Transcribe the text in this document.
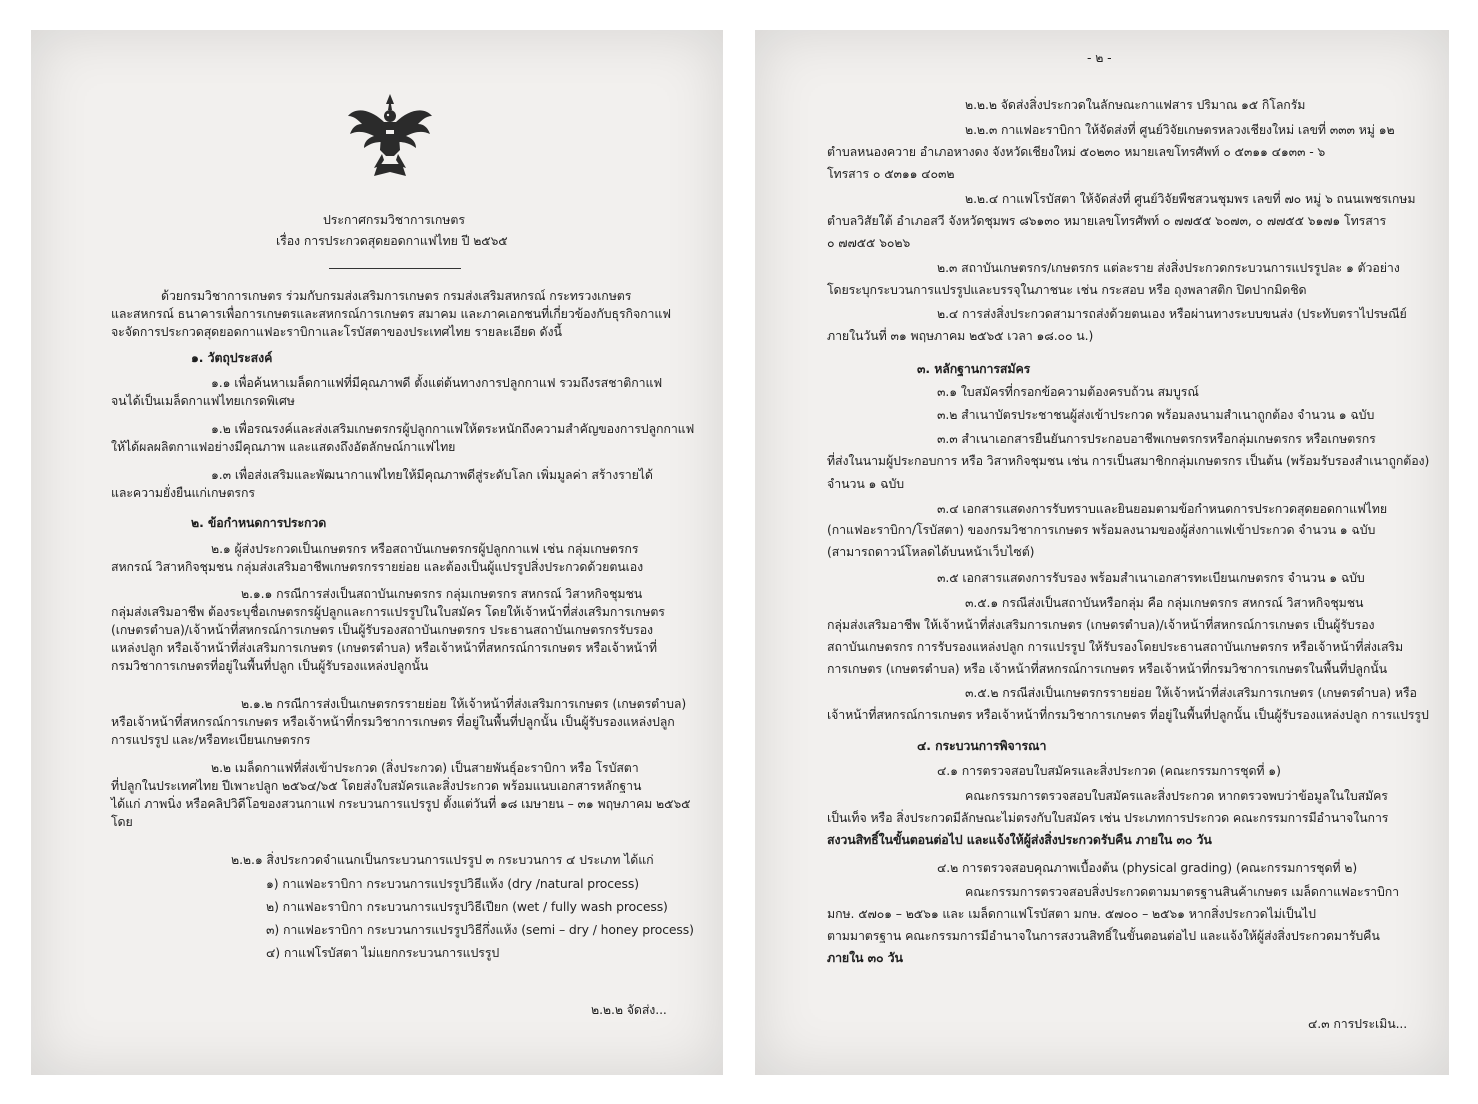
ประกาศกรมวิชาการเกษตร
เรื่อง การประกวดสุดยอดกาแฟไทย ปี ๒๕๖๕
ด้วยกรมวิชาการเกษตร ร่วมกับกรมส่งเสริมการเกษตร กรมส่งเสริมสหกรณ์ กระทรวงเกษตร
และสหกรณ์ ธนาคารเพื่อการเกษตรและสหกรณ์การเกษตร สมาคม และภาคเอกชนที่เกี่ยวข้องกับธุรกิจกาแฟ
จะจัดการประกวดสุดยอดกาแฟอะราบิกาและโรบัสตาของประเทศไทย รายละเอียด ดังนี้
๑. วัตถุประสงค์
๑.๑ เพื่อค้นหาเมล็ดกาแฟที่มีคุณภาพดี ตั้งแต่ต้นทางการปลูกกาแฟ รวมถึงรสชาติกาแฟ
จนได้เป็นเมล็ดกาแฟไทยเกรดพิเศษ
๑.๒ เพื่อรณรงค์และส่งเสริมเกษตรกรผู้ปลูกกาแฟให้ตระหนักถึงความสำคัญของการปลูกกาแฟ
ให้ได้ผลผลิตกาแฟอย่างมีคุณภาพ และแสดงถึงอัตลักษณ์กาแฟไทย
๑.๓ เพื่อส่งเสริมและพัฒนากาแฟไทยให้มีคุณภาพดีสู่ระดับโลก เพิ่มมูลค่า สร้างรายได้
และความยั่งยืนแก่เกษตรกร
๒. ข้อกำหนดการประกวด
๒.๑ ผู้ส่งประกวดเป็นเกษตรกร หรือสถาบันเกษตรกรผู้ปลูกกาแฟ เช่น กลุ่มเกษตรกร
สหกรณ์ วิสาหกิจชุมชน กลุ่มส่งเสริมอาชีพเกษตรกรรายย่อย และต้องเป็นผู้แปรรูปสิ่งประกวดด้วยตนเอง
๒.๑.๑ กรณีการส่งเป็นสถาบันเกษตรกร กลุ่มเกษตรกร สหกรณ์ วิสาหกิจชุมชน
กลุ่มส่งเสริมอาชีพ ต้องระบุชื่อเกษตรกรผู้ปลูกและการแปรรูปในใบสมัคร โดยให้เจ้าหน้าที่ส่งเสริมการเกษตร
(เกษตรตำบล)/เจ้าหน้าที่สหกรณ์การเกษตร เป็นผู้รับรองสถาบันเกษตรกร ประธานสถาบันเกษตรกรรับรอง
แหล่งปลูก หรือเจ้าหน้าที่ส่งเสริมการเกษตร (เกษตรตำบล) หรือเจ้าหน้าที่สหกรณ์การเกษตร หรือเจ้าหน้าที่
กรมวิชาการเกษตรที่อยู่ในพื้นที่ปลูก เป็นผู้รับรองแหล่งปลูกนั้น
๒.๑.๒ กรณีการส่งเป็นเกษตรกรรายย่อย ให้เจ้าหน้าที่ส่งเสริมการเกษตร (เกษตรตำบล)
หรือเจ้าหน้าที่สหกรณ์การเกษตร หรือเจ้าหน้าที่กรมวิชาการเกษตร ที่อยู่ในพื้นที่ปลูกนั้น เป็นผู้รับรองแหล่งปลูก
การแปรรูป และ/หรือทะเบียนเกษตรกร
๒.๒ เมล็ดกาแฟที่ส่งเข้าประกวด (สิ่งประกวด) เป็นสายพันธุ์อะราบิกา หรือ โรบัสตา
ที่ปลูกในประเทศไทย ปีเพาะปลูก ๒๕๖๔/๖๕ โดยส่งใบสมัครและสิ่งประกวด พร้อมแนบเอกสารหลักฐาน
ได้แก่ ภาพนิ่ง หรือคลิปวิดีโอของสวนกาแฟ กระบวนการแปรรูป ตั้งแต่วันที่ ๑๘ เมษายน – ๓๑ พฤษภาคม ๒๕๖๕
โดย
๒.๒.๑ สิ่งประกวดจำแนกเป็นกระบวนการแปรรูป ๓ กระบวนการ ๔ ประเภท ได้แก่
๑) กาแฟอะราบิกา กระบวนการแปรรูปวิธีแห้ง (dry /natural process)
๒) กาแฟอะราบิกา กระบวนการแปรรูปวิธีเปียก (wet / fully wash process)
๓) กาแฟอะราบิกา กระบวนการแปรรูปวิธีกึ่งแห้ง (semi – dry / honey process)
๔) กาแฟโรบัสตา ไม่แยกกระบวนการแปรรูป
๒.๒.๒ จัดส่ง...
- ๒ -
๒.๒.๒ จัดส่งสิ่งประกวดในลักษณะกาแฟสาร ปริมาณ ๑๕ กิโลกรัม
๒.๒.๓ กาแฟอะราบิกา ให้จัดส่งที่ ศูนย์วิจัยเกษตรหลวงเชียงใหม่ เลขที่ ๓๓๓ หมู่ ๑๒
ตำบลหนองควาย อำเภอหางดง จังหวัดเชียงใหม่ ๕๐๒๓๐ หมายเลขโทรศัพท์ ๐ ๕๓๑๑ ๔๑๓๓ - ๖
โทรสาร ๐ ๕๓๑๑ ๔๐๓๒
๒.๒.๔ กาแฟโรบัสตา ให้จัดส่งที่ ศูนย์วิจัยพืชสวนชุมพร เลขที่ ๗๐ หมู่ ๖ ถนนเพชรเกษม
ตำบลวิสัยใต้ อำเภอสวี จังหวัดชุมพร ๘๖๑๓๐ หมายเลขโทรศัพท์ ๐ ๗๗๕๕ ๖๐๗๓, ๐ ๗๗๕๕ ๖๑๗๑ โทรสาร
๐ ๗๗๕๕ ๖๐๒๖
๒.๓ สถาบันเกษตรกร/เกษตรกร แต่ละราย ส่งสิ่งประกวดกระบวนการแปรรูปละ ๑ ตัวอย่าง
โดยระบุกระบวนการแปรรูปและบรรจุในภาชนะ เช่น กระสอบ หรือ ถุงพลาสติก ปิดปากมิดชิด
๒.๔ การส่งสิ่งประกวดสามารถส่งด้วยตนเอง หรือผ่านทางระบบขนส่ง (ประทับตราไปรษณีย์
ภายในวันที่ ๓๑ พฤษภาคม ๒๕๖๕ เวลา ๑๘.๐๐ น.)
๓. หลักฐานการสมัคร
๓.๑ ใบสมัครที่กรอกข้อความต้องครบถ้วน สมบูรณ์
๓.๒ สำเนาบัตรประชาชนผู้ส่งเข้าประกวด พร้อมลงนามสำเนาถูกต้อง จำนวน ๑ ฉบับ
๓.๓ สำเนาเอกสารยืนยันการประกอบอาชีพเกษตรกรหรือกลุ่มเกษตรกร หรือเกษตรกร
ที่ส่งในนามผู้ประกอบการ หรือ วิสาหกิจชุมชน เช่น การเป็นสมาชิกกลุ่มเกษตรกร เป็นต้น (พร้อมรับรองสำเนาถูกต้อง)
จำนวน ๑ ฉบับ
๓.๔ เอกสารแสดงการรับทราบและยินยอมตามข้อกำหนดการประกวดสุดยอดกาแฟไทย
(กาแฟอะราบิกา/โรบัสตา) ของกรมวิชาการเกษตร พร้อมลงนามของผู้ส่งกาแฟเข้าประกวด จำนวน ๑ ฉบับ
(สามารถดาวน์โหลดได้บนหน้าเว็บไซต์)
๓.๕ เอกสารแสดงการรับรอง พร้อมสำเนาเอกสารทะเบียนเกษตรกร จำนวน ๑ ฉบับ
๓.๕.๑ กรณีส่งเป็นสถาบันหรือกลุ่ม คือ กลุ่มเกษตรกร สหกรณ์ วิสาหกิจชุมชน
กลุ่มส่งเสริมอาชีพ ให้เจ้าหน้าที่ส่งเสริมการเกษตร (เกษตรตำบล)/เจ้าหน้าที่สหกรณ์การเกษตร เป็นผู้รับรอง
สถาบันเกษตรกร การรับรองแหล่งปลูก การแปรรูป ให้รับรองโดยประธานสถาบันเกษตรกร หรือเจ้าหน้าที่ส่งเสริม
การเกษตร (เกษตรตำบล) หรือ เจ้าหน้าที่สหกรณ์การเกษตร หรือเจ้าหน้าที่กรมวิชาการเกษตรในพื้นที่ปลูกนั้น
๓.๕.๒ กรณีส่งเป็นเกษตรกรรายย่อย ให้เจ้าหน้าที่ส่งเสริมการเกษตร (เกษตรตำบล) หรือ
เจ้าหน้าที่สหกรณ์การเกษตร หรือเจ้าหน้าที่กรมวิชาการเกษตร ที่อยู่ในพื้นที่ปลูกนั้น เป็นผู้รับรองแหล่งปลูก การแปรรูป
๔. กระบวนการพิจารณา
๔.๑ การตรวจสอบใบสมัครและสิ่งประกวด (คณะกรรมการชุดที่ ๑)
คณะกรรมการตรวจสอบใบสมัครและสิ่งประกวด หากตรวจพบว่าข้อมูลในใบสมัคร
เป็นเท็จ หรือ สิ่งประกวดมีลักษณะไม่ตรงกับใบสมัคร เช่น ประเภทการประกวด คณะกรรมการมีอำนาจในการ
สงวนสิทธิ์ในขั้นตอนต่อไป และแจ้งให้ผู้ส่งสิ่งประกวดรับคืน ภายใน ๓๐ วัน
๔.๒ การตรวจสอบคุณภาพเบื้องต้น (physical grading) (คณะกรรมการชุดที่ ๒)
คณะกรรมการตรวจสอบสิ่งประกวดตามมาตรฐานสินค้าเกษตร เมล็ดกาแฟอะราบิกา
มกษ. ๕๗๐๑ – ๒๕๖๑ และ เมล็ดกาแฟโรบัสตา มกษ. ๕๗๐๐ – ๒๕๖๑ หากสิ่งประกวดไม่เป็นไป
ตามมาตรฐาน คณะกรรมการมีอำนาจในการสงวนสิทธิ์ในขั้นตอนต่อไป และแจ้งให้ผู้ส่งสิ่งประกวดมารับคืน
ภายใน ๓๐ วัน
๔.๓ การประเมิน...
